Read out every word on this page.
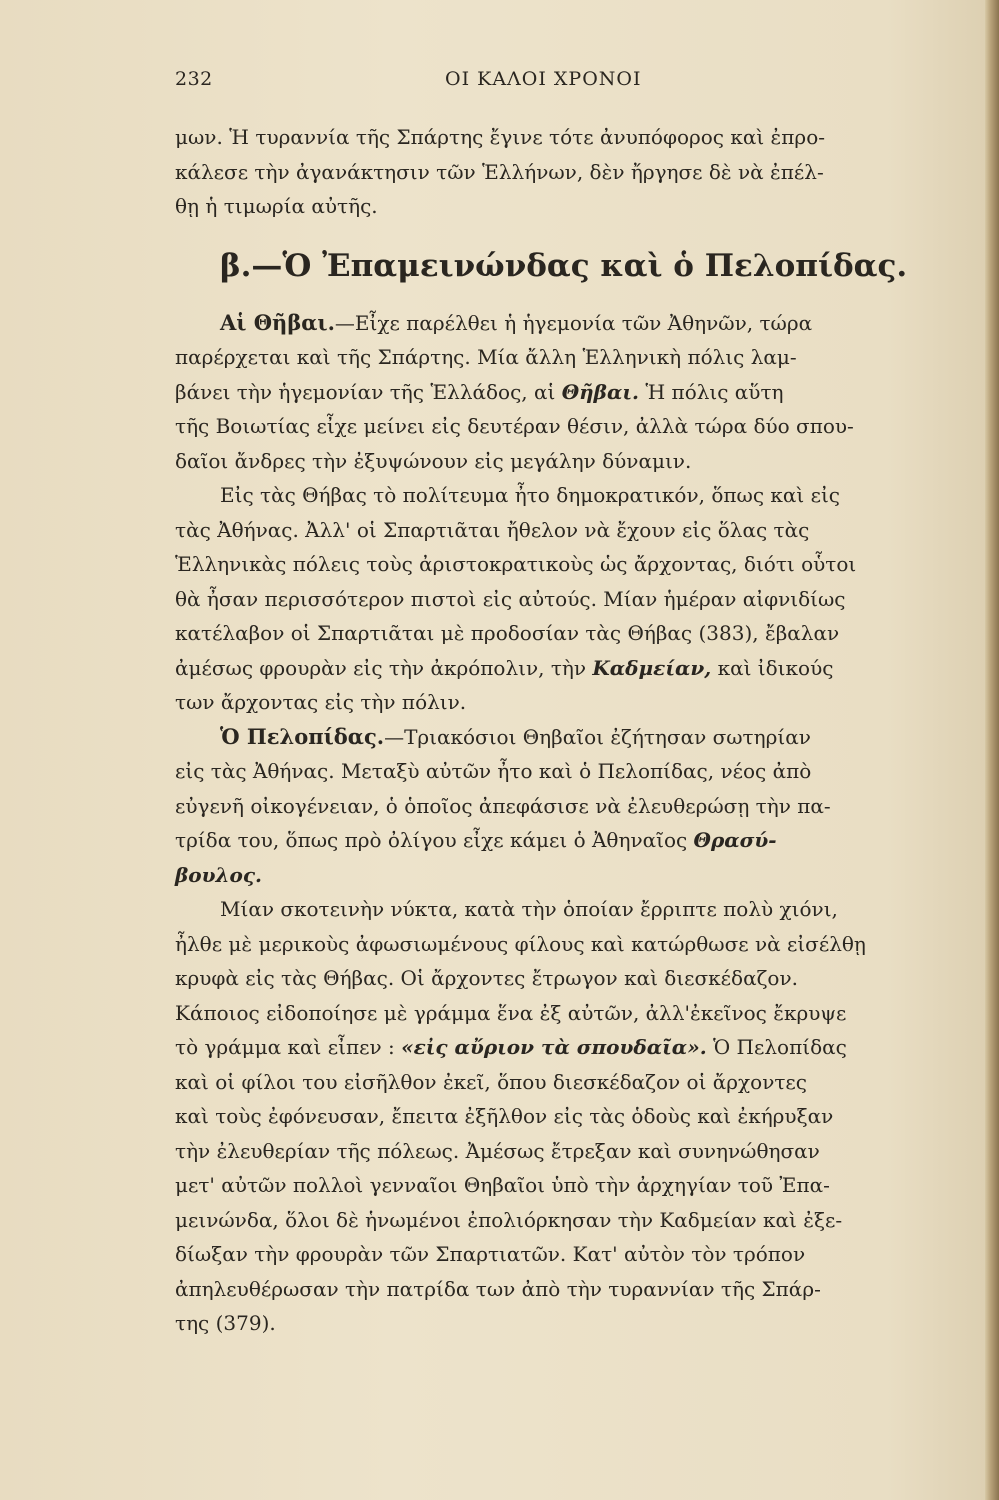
232	ΟΙ ΚΑΛΟΙ ΧΡΟΝΟΙ
μων. Ἡ τυραννία τῆς Σπάρτης ἔγινε τότε ἀνυπόφορος καὶ ἐπρο-
κάλεσε τὴν ἀγανάκτησιν τῶν Ἑλλήνων, δὲν ἤργησε δὲ νὰ ἐπέλ-
θῃ ἡ τιμωρία αὐτῆς.
β.—Ὁ Ἐπαμεινώνδας καὶ ὁ Πελοπίδας.
Αἱ Θῆβαι.—Εἶχε παρέλθει ἡ ἡγεμονία τῶν Ἀθηνῶν, τώρα
παρέρχεται καὶ τῆς Σπάρτης. Μία ἄλλη Ἑλληνικὴ πόλις λαμ-
βάνει τὴν ἡγεμονίαν τῆς Ἑλλάδος, αἱ Θῆβαι. Ἡ πόλις αὕτη
τῆς Βοιωτίας εἶχε μείνει εἰς δευτέραν θέσιν, ἀλλὰ τώρα δύο σπου-
δαῖοι ἄνδρες τὴν ἐξυψώνουν εἰς μεγάλην δύναμιν.
Εἰς τὰς Θήβας τὸ πολίτευμα ἦτο δημοκρατικόν, ὅπως καὶ εἰς
τὰς Ἀθήνας. Ἀλλ' οἱ Σπαρτιᾶται ἤθελον νὰ ἔχουν εἰς ὅλας τὰς
Ἑλληνικὰς πόλεις τοὺς ἀριστοκρατικοὺς ὡς ἄρχοντας, διότι οὗτοι
θὰ ἦσαν περισσότερον πιστοὶ εἰς αὐτούς. Μίαν ἡμέραν αἰφνιδίως
κατέλαβον οἱ Σπαρτιᾶται μὲ προδοσίαν τὰς Θήβας (383), ἔβαλαν
ἀμέσως φρουρὰν εἰς τὴν ἀκρόπολιν, τὴν Καδμείαν, καὶ ἰδικούς
των ἄρχοντας εἰς τὴν πόλιν.
Ὁ Πελοπίδας.—Τριακόσιοι Θηβαῖοι ἐζήτησαν σωτηρίαν
εἰς τὰς Ἀθήνας. Μεταξὺ αὐτῶν ἦτο καὶ ὁ Πελοπίδας, νέος ἀπὸ
εὐγενῆ οἰκογένειαν, ὁ ὁποῖος ἀπεφάσισε νὰ ἐλευθερώσῃ τὴν πα-
τρίδα του, ὅπως πρὸ ὀλίγου εἶχε κάμει ὁ Ἀθηναῖος Θρασύ-
βουλος.
Μίαν σκοτεινὴν νύκτα, κατὰ τὴν ὁποίαν ἔρριπτε πολὺ χιόνι,
ἦλθε μὲ μερικοὺς ἀφωσιωμένους φίλους καὶ κατώρθωσε νὰ εἰσέλθῃ
κρυφὰ εἰς τὰς Θήβας. Οἱ ἄρχοντες ἔτρωγον καὶ διεσκέδαζον.
Κάποιος εἰδοποίησε μὲ γράμμα ἕνα ἐξ αὐτῶν, ἀλλ'ἐκεῖνος ἔκρυψε
τὸ γράμμα καὶ εἶπεν : «εἰς αὔριον τὰ σπουδαῖα». Ὁ Πελοπίδας
καὶ οἱ φίλοι του εἰσῆλθον ἐκεῖ, ὅπου διεσκέδαζον οἱ ἄρχοντες
καὶ τοὺς ἐφόνευσαν, ἔπειτα ἐξῆλθον εἰς τὰς ὁδοὺς καὶ ἐκήρυξαν
τὴν ἐλευθερίαν τῆς πόλεως. Ἀμέσως ἔτρεξαν καὶ συνηνώθησαν
μετ' αὐτῶν πολλοὶ γενναῖοι Θηβαῖοι ὑπὸ τὴν ἀρχηγίαν τοῦ Ἐπα-
μεινώνδα, ὅλοι δὲ ἡνωμένοι ἐπολιόρκησαν τὴν Καδμείαν καὶ ἐξε-
δίωξαν τὴν φρουρὰν τῶν Σπαρτιατῶν. Κατ' αὐτὸν τὸν τρόπον
ἀπηλευθέρωσαν τὴν πατρίδα των ἀπὸ τὴν τυραννίαν τῆς Σπάρ-
της (379).
